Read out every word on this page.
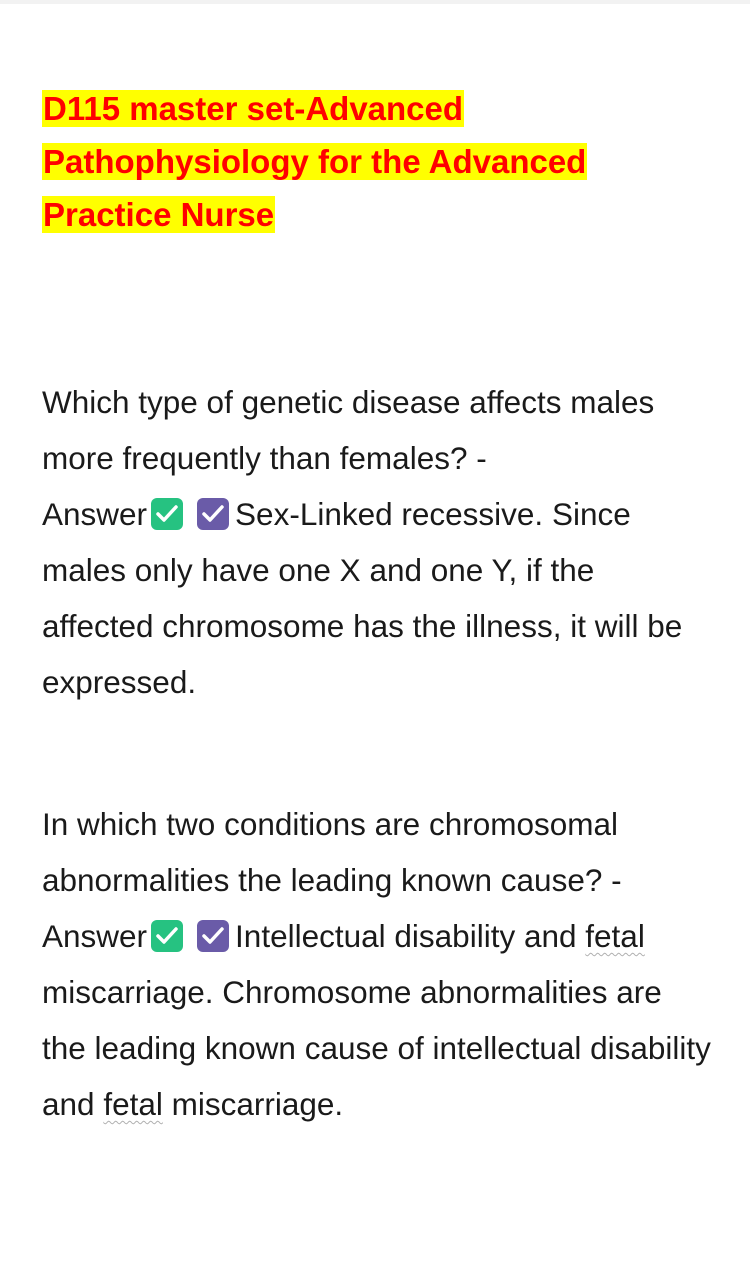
D115 master set-Advanced
Pathophysiology for the Advanced
Practice Nurse

Which type of genetic disease affects males more frequently than females? -
Answer	Sex-Linked recessive. Since males only have one X and one Y, if the affected chromosome has the illness, it will be expressed.

In which two conditions are chromosomal abnormalities the leading known cause? -
Answer	Intellectual disability and fetal miscarriage. Chromosome abnormalities are the leading known cause of intellectual disability and fetal miscarriage.
